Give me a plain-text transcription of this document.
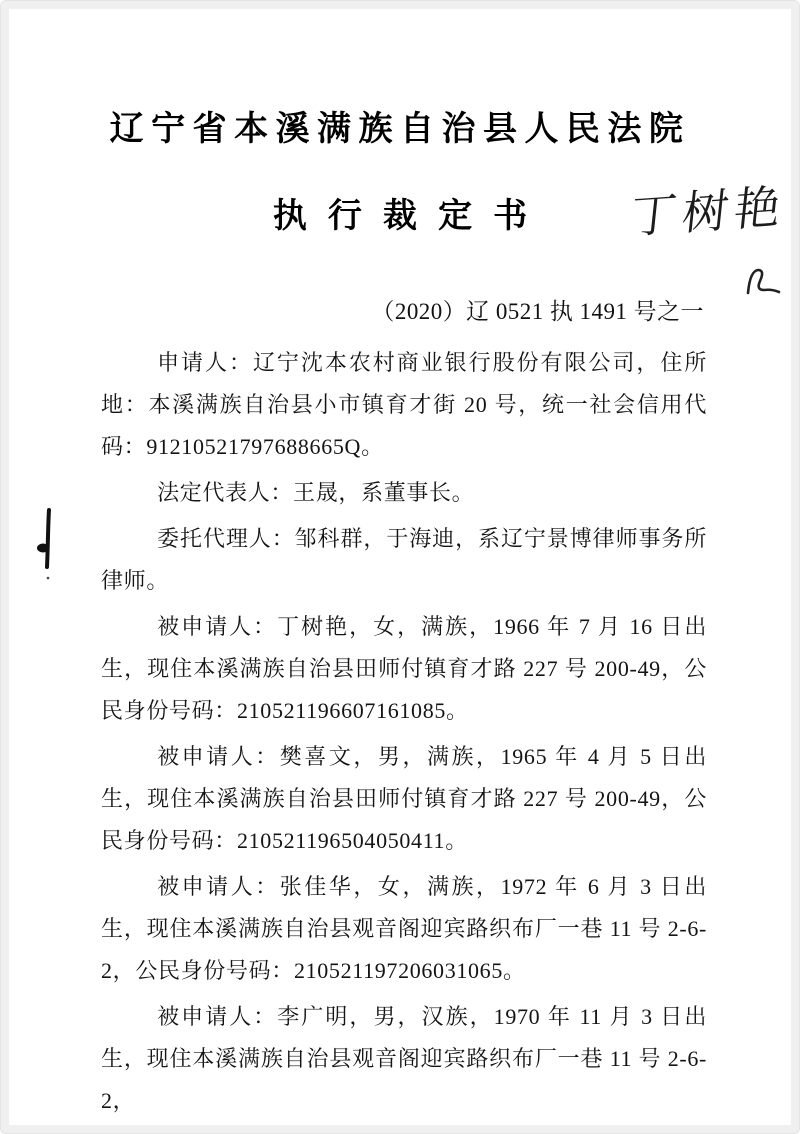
辽宁省本溪满族自治县人民法院
执行裁定书	丁树艳
（2020）辽 0521 执 1491 号之一

申请人：辽宁沈本农村商业银行股份有限公司，住所地：本溪满族自治县小市镇育才街 20 号，统一社会信用代码：91210521797688665Q。

法定代表人：王晟，系董事长。

委托代理人：邹科群，于海迪，系辽宁景博律师事务所律师。

被申请人：丁树艳，女，满族，1966 年 7 月 16 日出生，现住本溪满族自治县田师付镇育才路 227 号 200-49，公民身份号码：210521196607161085。

被申请人：樊喜文，男，满族，1965 年 4 月 5 日出生，现住本溪满族自治县田师付镇育才路 227 号 200-49，公民身份号码：210521196504050411。

被申请人：张佳华，女，满族，1972 年 6 月 3 日出生，现住本溪满族自治县观音阁迎宾路织布厂一巷 11 号 2-6-2，公民身份号码：210521197206031065。

被申请人：李广明，男，汉族，1970 年 11 月 3 日出生，现住本溪满族自治县观音阁迎宾路织布厂一巷 11 号 2-6-2，
